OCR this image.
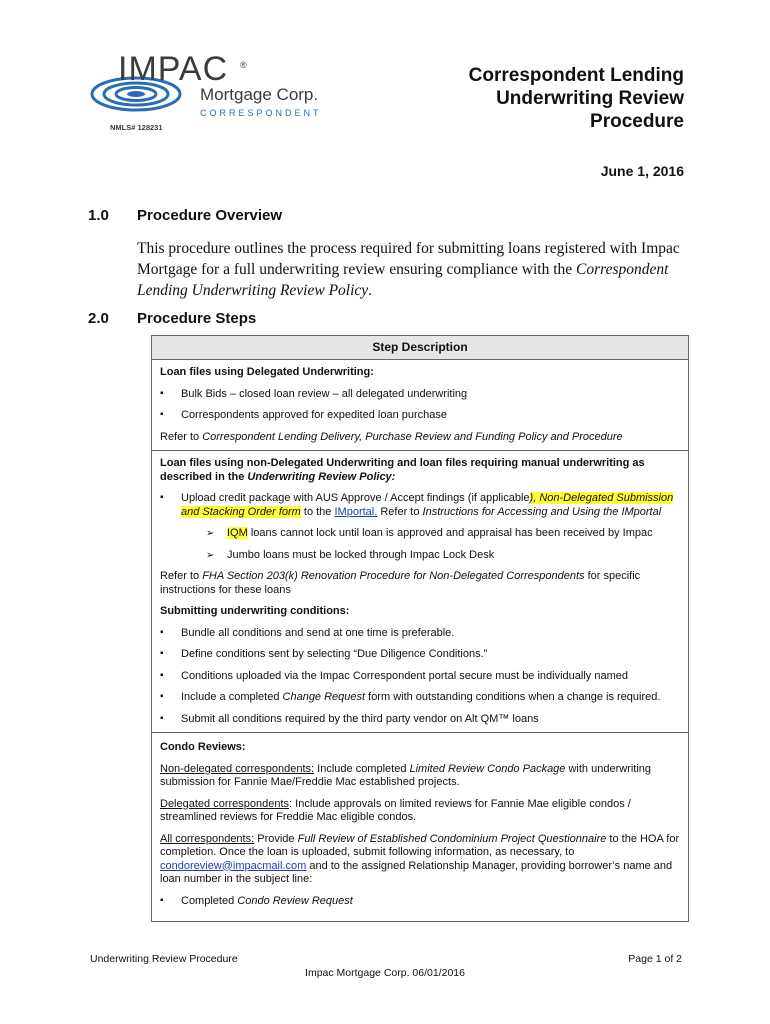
IMPAC ®
Mortgage Corp.
CORRESPONDENT
NMLS# 128231
Correspondent Lending
Underwriting Review
Procedure
June 1, 2016
1.0 Procedure Overview
This procedure outlines the process required for submitting loans registered with Impac Mortgage for a full underwriting review ensuring compliance with the Correspondent Lending Underwriting Review Policy.
2.0 Procedure Steps
Step Description

Loan files using Delegated Underwriting:

▪ Bulk Bids – closed loan review – all delegated underwriting

▪ Correspondents approved for expedited loan purchase

Refer to Correspondent Lending Delivery, Purchase Review and Funding Policy and Procedure

Loan files using non-Delegated Underwriting and loan files requiring manual underwriting as described in the Underwriting Review Policy:

▪ Upload credit package with AUS Approve / Accept findings (if applicable), Non-Delegated Submission and Stacking Order form to the IMportal. Refer to Instructions for Accessing and Using the IMportal

➢ IQM loans cannot lock until loan is approved and appraisal has been received by Impac

➢ Jumbo loans must be locked through Impac Lock Desk

Refer to FHA Section 203(k) Renovation Procedure for Non-Delegated Correspondents for specific instructions for these loans

Submitting underwriting conditions:

▪ Bundle all conditions and send at one time is preferable.

▪ Define conditions sent by selecting “Due Diligence Conditions.”

▪ Conditions uploaded via the Impac Correspondent portal secure must be individually named

▪ Include a completed Change Request form with outstanding conditions when a change is required.

▪ Submit all conditions required by the third party vendor on Alt QM™ loans

Condo Reviews:

Non-delegated correspondents: Include completed Limited Review Condo Package with underwriting submission for Fannie Mae/Freddie Mac established projects.

Delegated correspondents: Include approvals on limited reviews for Fannie Mae eligible condos / streamlined reviews for Freddie Mac eligible condos.

All correspondents: Provide Full Review of Established Condominium Project Questionnaire to the HOA for completion. Once the loan is uploaded, submit following information, as necessary, to condoreview@impacmail.com and to the assigned Relationship Manager, providing borrower’s name and loan number in the subject line:

▪ Completed Condo Review Request

Underwriting Review Procedure	Page 1 of 2
Impac Mortgage Corp. 06/01/2016
